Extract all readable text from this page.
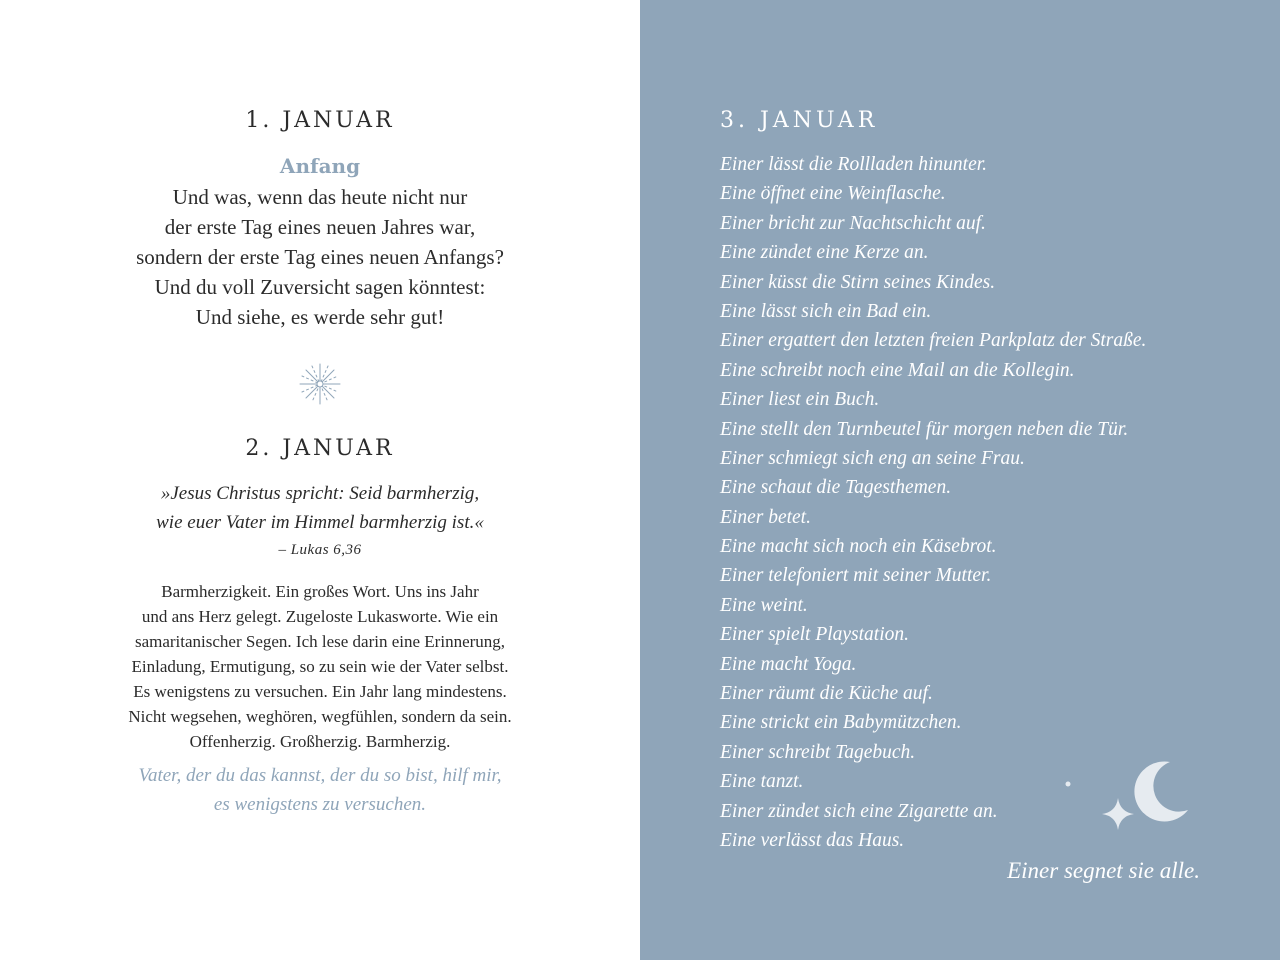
1. JANUAR
Anfang
Und was, wenn das heute nicht nur
der erste Tag eines neuen Jahres war,
sondern der erste Tag eines neuen Anfangs?
Und du voll Zuversicht sagen könntest:
Und siehe, es werde sehr gut!
2. JANUAR
»Jesus Christus spricht: Seid barmherzig,
wie euer Vater im Himmel barmherzig ist.«
– Lukas 6,36
Barmherzigkeit. Ein großes Wort. Uns ins Jahr
und ans Herz gelegt. Zugeloste Lukasworte. Wie ein
samaritanischer Segen. Ich lese darin eine Erinnerung,
Einladung, Ermutigung, so zu sein wie der Vater selbst.
Es wenigstens zu versuchen. Ein Jahr lang mindestens.
Nicht wegsehen, weghören, wegfühlen, sondern da sein.
Offenherzig. Großherzig. Barmherzig.
Vater, der du das kannst, der du so bist, hilf mir,
es wenigstens zu versuchen.
3. JANUAR
Einer lässt die Rollladen hinunter.
Eine öffnet eine Weinflasche.
Einer bricht zur Nachtschicht auf.
Eine zündet eine Kerze an.
Einer küsst die Stirn seines Kindes.
Eine lässt sich ein Bad ein.
Einer ergattert den letzten freien Parkplatz der Straße.
Eine schreibt noch eine Mail an die Kollegin.
Einer liest ein Buch.
Eine stellt den Turnbeutel für morgen neben die Tür.
Einer schmiegt sich eng an seine Frau.
Eine schaut die Tagesthemen.
Einer betet.
Eine macht sich noch ein Käsebrot.
Einer telefoniert mit seiner Mutter.
Eine weint.
Einer spielt Playstation.
Eine macht Yoga.
Einer räumt die Küche auf.
Eine strickt ein Babymützchen.
Einer schreibt Tagebuch.
Eine tanzt.
Einer zündet sich eine Zigarette an.
Eine verlässt das Haus.
Einer segnet sie alle.
